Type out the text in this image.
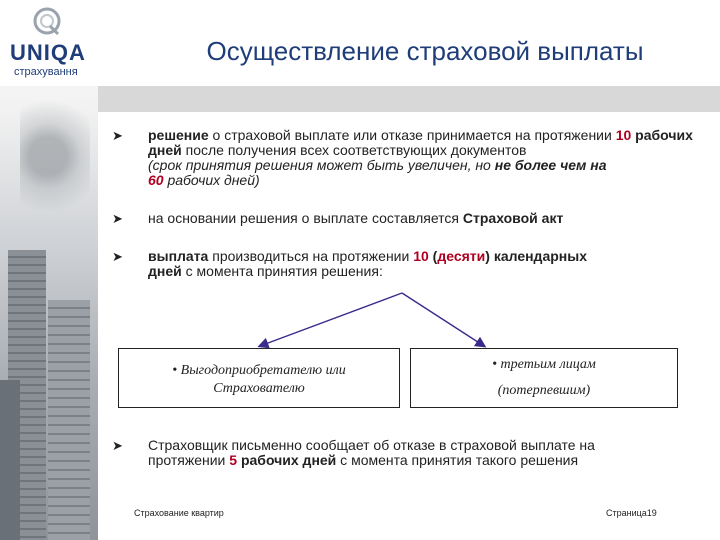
UNIQA
страхування
Осуществление страховой выплаты
➤ решение о страховой выплате или отказе принимается на протяжении 10 рабочих дней после получения всех соответствующих документов
(срок принятия решения может быть увеличен, но не более чем на
60 рабочих дней)
➤ на основании решения о выплате составляется Страховой акт
➤ выплата производиться на протяжении 10 (десяти) календарных
дней с момента принятия решения:
• Выгодоприобретателю или
Страхователю
• третьим лицам
(потерпевшим)
➤ Страховщик письменно сообщает об отказе в страховой выплате на
протяжении 5 рабочих дней с момента принятия такого решения
Страхование квартир	Страница19
